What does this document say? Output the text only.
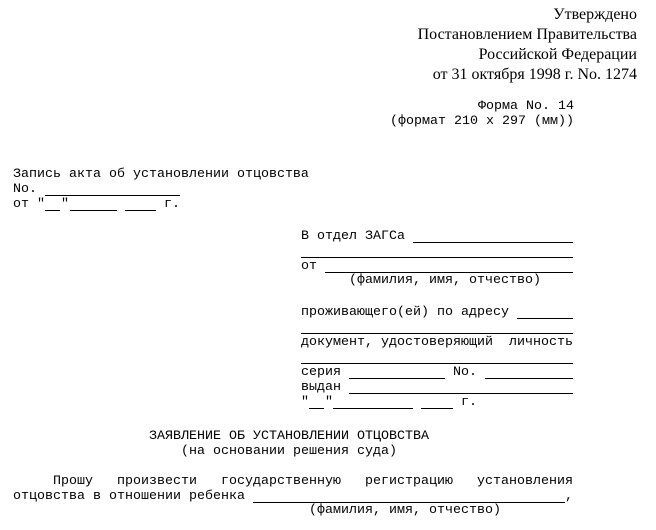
Утверждено
Постановлением Правительства
Российской Федерации
от 31 октября 1998 г. No. 1274
Форма No. 14
(формат 210 x 297 (мм))
Запись акта об установлении отцовства
No.
от " "	г.
В отдел ЗАГСа
от
(фамилия, имя, отчество)
проживающего(ей) по адресу
документ, удостоверяющий  личность
серия	No.
выдан
" "	г.
ЗАЯВЛЕНИЕ ОБ УСТАНОВЛЕНИИ ОТЦОВСТВА
(на основании решения суда)
Прошу произвести государственную регистрацию установления
отцовства в отношении ребенка	,
(фамилия, имя, отчество)
